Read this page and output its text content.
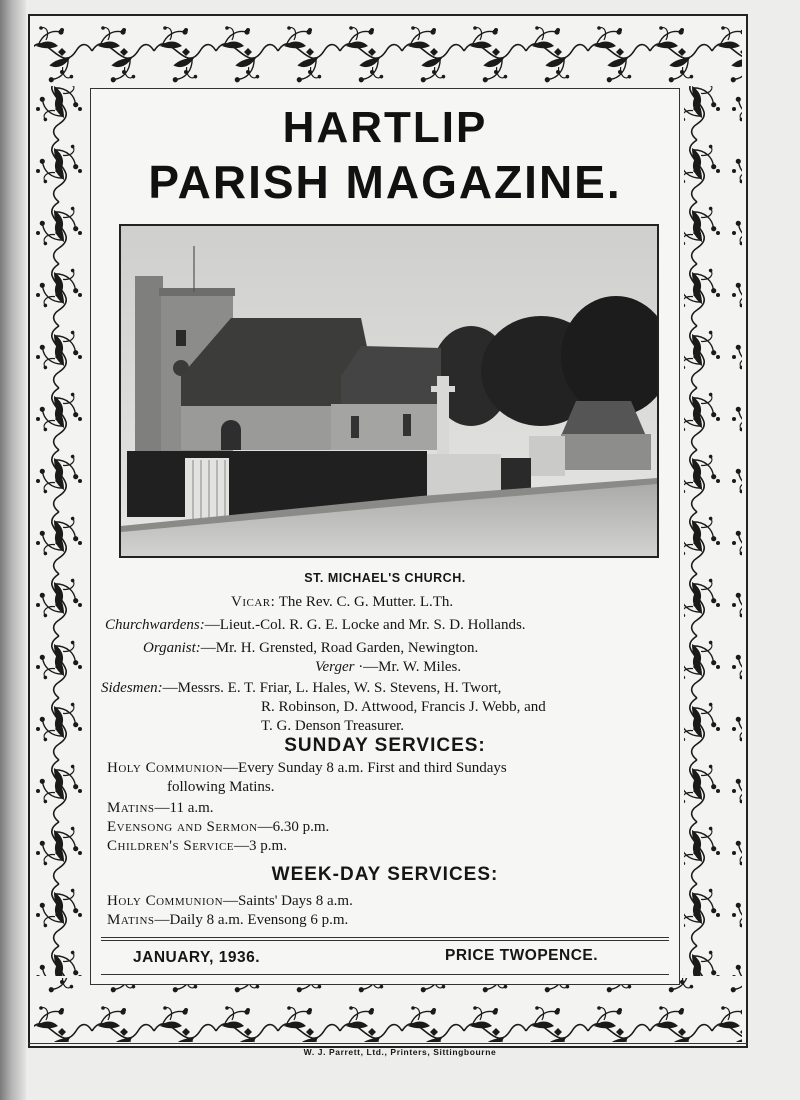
HARTLIP
PARISH MAGAZINE.
ST. MICHAEL'S CHURCH.
Vicar: The Rev. C. G. Mutter. L.Th.
Churchwardens:—Lieut.-Col. R. G. E. Locke and Mr. S. D. Hollands.
Organist:—Mr. H. Grensted, Road Garden, Newington.
Verger ·—Mr. W. Miles.
Sidesmen:—Messrs. E. T. Friar, L. Hales, W. S. Stevens, H. Twort,
R. Robinson, D. Attwood, Francis J. Webb, and
T. G. Denson Treasurer.
SUNDAY SERVICES:
Holy Communion—Every Sunday 8 a.m. First and third Sundays
following Matins.
Matins—11 a.m.
Evensong and Sermon—6.30 p.m.
Children's Service—3 p.m.
WEEK-DAY SERVICES:
Holy Communion—Saints' Days 8 a.m.
Matins—Daily 8 a.m. Evensong 6 p.m.
JANUARY, 1936.	PRICE TWOPENCE.
W. J. Parrett, Ltd., Printers, Sittingbourne
